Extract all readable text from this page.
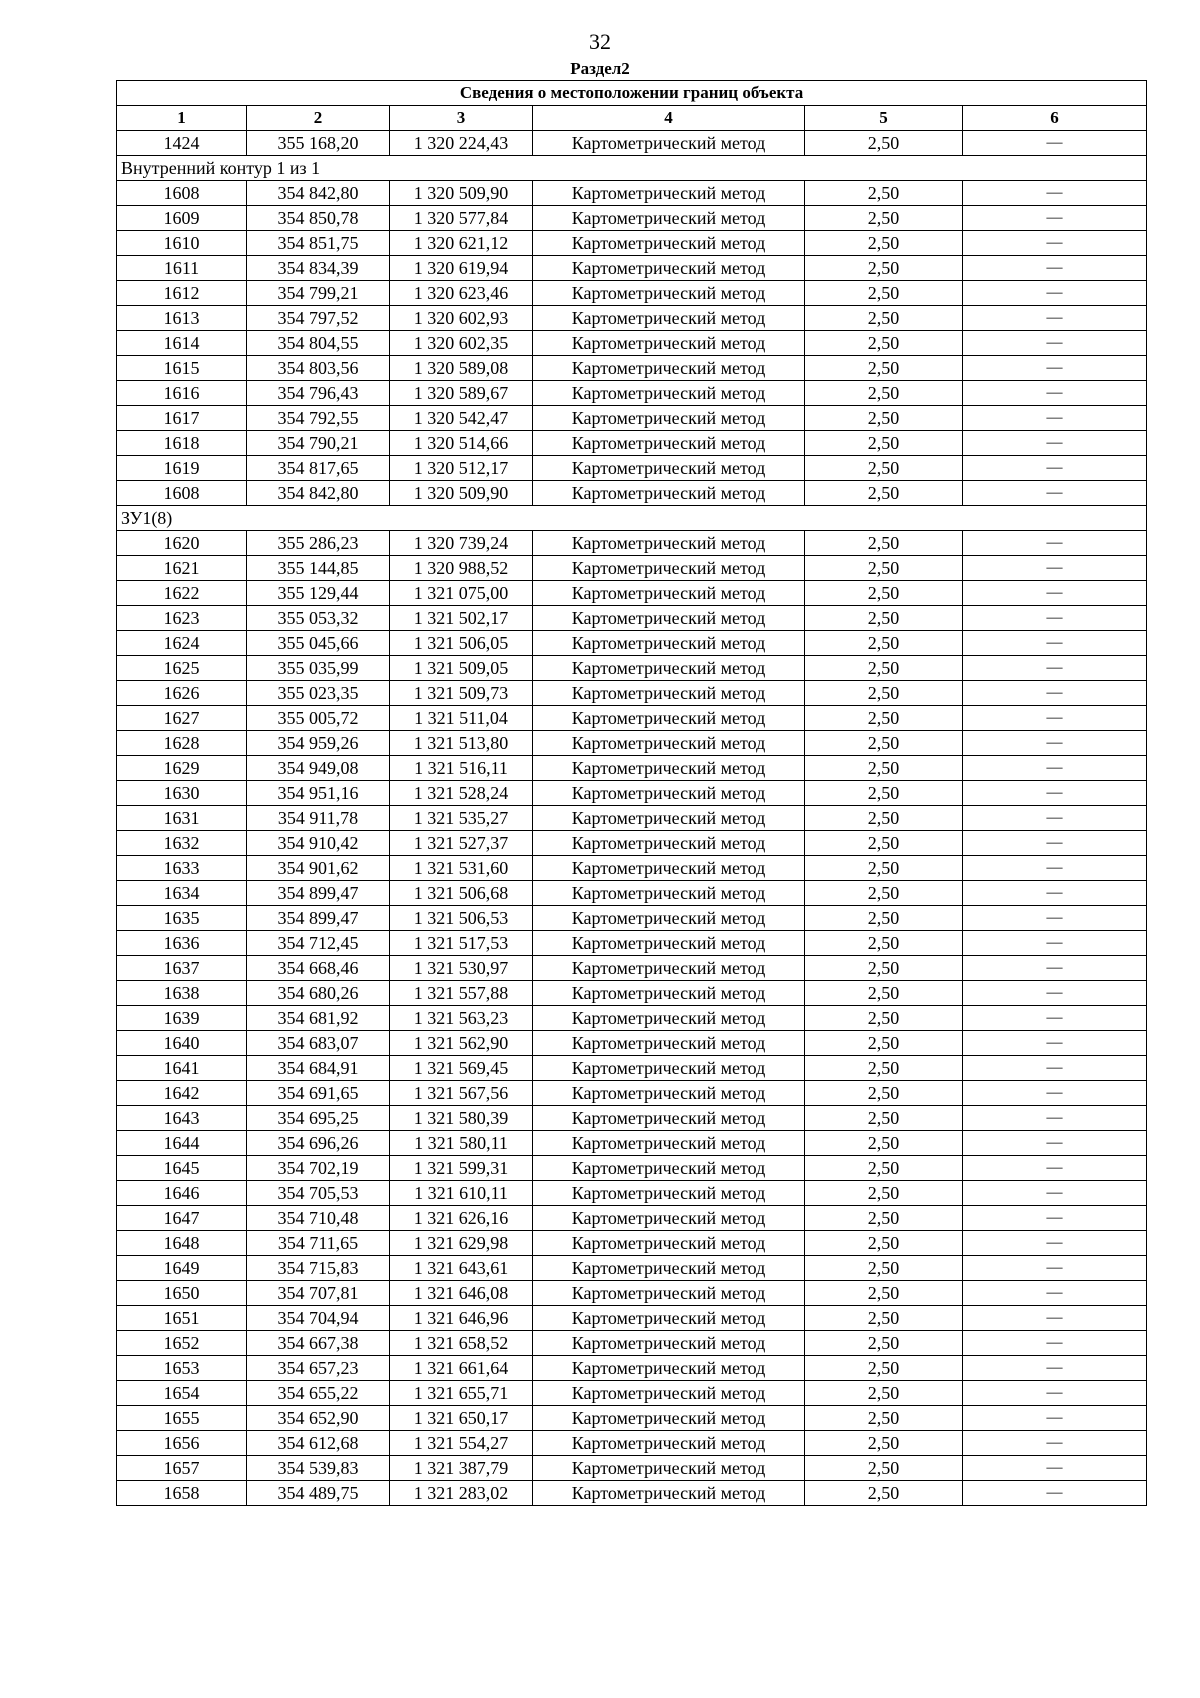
32
Раздел2
Сведения о местоположении границ объекта					
1	2	3	4	5	6
1424	355 168,20	1 320 224,43	Картометрический метод	2,50	—
Внутренний контур 1 из 1					
1608	354 842,80	1 320 509,90	Картометрический метод	2,50	—
1609	354 850,78	1 320 577,84	Картометрический метод	2,50	—
1610	354 851,75	1 320 621,12	Картометрический метод	2,50	—
1611	354 834,39	1 320 619,94	Картометрический метод	2,50	—
1612	354 799,21	1 320 623,46	Картометрический метод	2,50	—
1613	354 797,52	1 320 602,93	Картометрический метод	2,50	—
1614	354 804,55	1 320 602,35	Картометрический метод	2,50	—
1615	354 803,56	1 320 589,08	Картометрический метод	2,50	—
1616	354 796,43	1 320 589,67	Картометрический метод	2,50	—
1617	354 792,55	1 320 542,47	Картометрический метод	2,50	—
1618	354 790,21	1 320 514,66	Картометрический метод	2,50	—
1619	354 817,65	1 320 512,17	Картометрический метод	2,50	—
1608	354 842,80	1 320 509,90	Картометрический метод	2,50	—
ЗУ1(8)					
1620	355 286,23	1 320 739,24	Картометрический метод	2,50	—
1621	355 144,85	1 320 988,52	Картометрический метод	2,50	—
1622	355 129,44	1 321 075,00	Картометрический метод	2,50	—
1623	355 053,32	1 321 502,17	Картометрический метод	2,50	—
1624	355 045,66	1 321 506,05	Картометрический метод	2,50	—
1625	355 035,99	1 321 509,05	Картометрический метод	2,50	—
1626	355 023,35	1 321 509,73	Картометрический метод	2,50	—
1627	355 005,72	1 321 511,04	Картометрический метод	2,50	—
1628	354 959,26	1 321 513,80	Картометрический метод	2,50	—
1629	354 949,08	1 321 516,11	Картометрический метод	2,50	—
1630	354 951,16	1 321 528,24	Картометрический метод	2,50	—
1631	354 911,78	1 321 535,27	Картометрический метод	2,50	—
1632	354 910,42	1 321 527,37	Картометрический метод	2,50	—
1633	354 901,62	1 321 531,60	Картометрический метод	2,50	—
1634	354 899,47	1 321 506,68	Картометрический метод	2,50	—
1635	354 899,47	1 321 506,53	Картометрический метод	2,50	—
1636	354 712,45	1 321 517,53	Картометрический метод	2,50	—
1637	354 668,46	1 321 530,97	Картометрический метод	2,50	—
1638	354 680,26	1 321 557,88	Картометрический метод	2,50	—
1639	354 681,92	1 321 563,23	Картометрический метод	2,50	—
1640	354 683,07	1 321 562,90	Картометрический метод	2,50	—
1641	354 684,91	1 321 569,45	Картометрический метод	2,50	—
1642	354 691,65	1 321 567,56	Картометрический метод	2,50	—
1643	354 695,25	1 321 580,39	Картометрический метод	2,50	—
1644	354 696,26	1 321 580,11	Картометрический метод	2,50	—
1645	354 702,19	1 321 599,31	Картометрический метод	2,50	—
1646	354 705,53	1 321 610,11	Картометрический метод	2,50	—
1647	354 710,48	1 321 626,16	Картометрический метод	2,50	—
1648	354 711,65	1 321 629,98	Картометрический метод	2,50	—
1649	354 715,83	1 321 643,61	Картометрический метод	2,50	—
1650	354 707,81	1 321 646,08	Картометрический метод	2,50	—
1651	354 704,94	1 321 646,96	Картометрический метод	2,50	—
1652	354 667,38	1 321 658,52	Картометрический метод	2,50	—
1653	354 657,23	1 321 661,64	Картометрический метод	2,50	—
1654	354 655,22	1 321 655,71	Картометрический метод	2,50	—
1655	354 652,90	1 321 650,17	Картометрический метод	2,50	—
1656	354 612,68	1 321 554,27	Картометрический метод	2,50	—
1657	354 539,83	1 321 387,79	Картометрический метод	2,50	—
1658	354 489,75	1 321 283,02	Картометрический метод	2,50	—
